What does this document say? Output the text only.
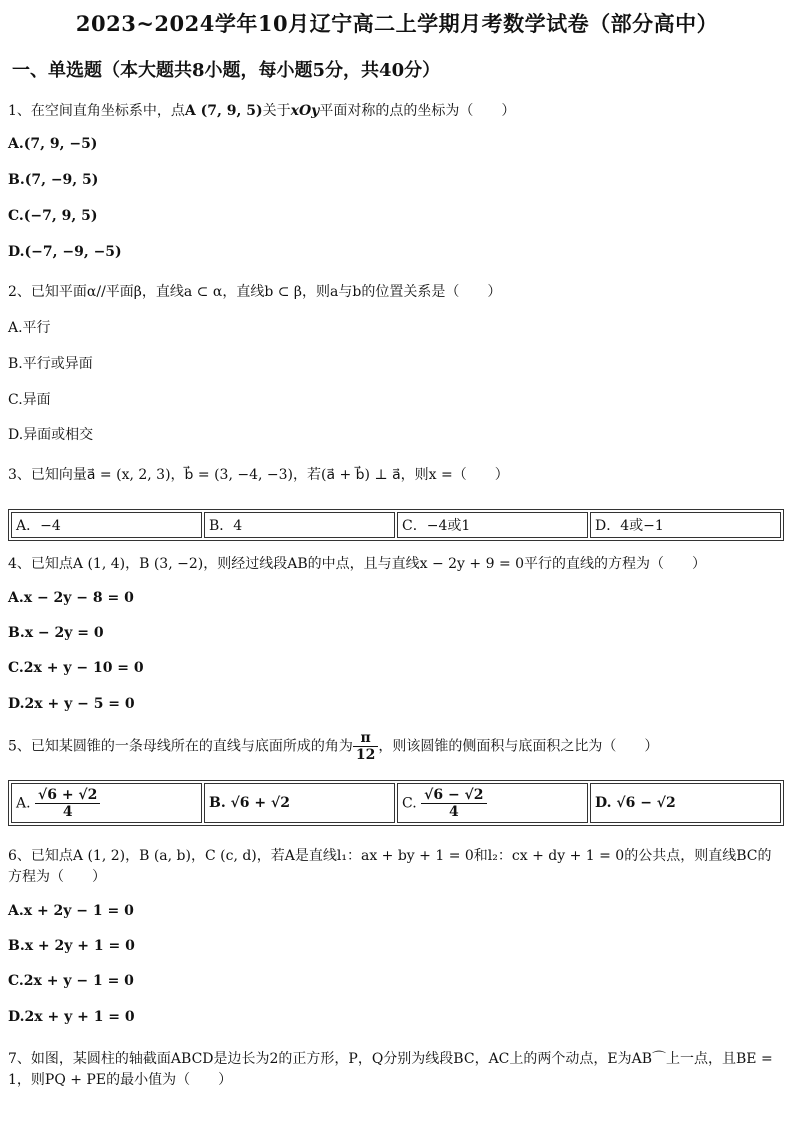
2023~2024学年10月辽宁高二上学期月考数学试卷（部分高中）
一、单选题（本大题共8小题，每小题5分，共40分）
1、在空间直角坐标系中，点A (7, 9, 5)关于xOy平面对称的点的坐标为（　　）
A.(7, 9, −5)
B.(7, −9, 5)
C.(−7, 9, 5)
D.(−7, −9, −5)
2、已知平面α//平面β，直线a ⊂ α，直线b ⊂ β，则a与b的位置关系是（　　）
A.平行
B.平行或异面
C.异面
D.异面或相交
3、已知向量a⃗ = (x, 2, 3)，b⃗ = (3, −4, −3)，若(a⃗ + b⃗) ⊥ a⃗，则x =（　　）
A．−4	B．4	C．−4或1	D．4或−1
4、已知点A (1, 4)，B (3, −2)，则经过线段AB的中点，且与直线x − 2y + 9 = 0平行的直线的方程为（　　）
A.x − 2y − 8 = 0
B.x − 2y = 0
C.2x + y − 10 = 0
D.2x + y − 5 = 0
5、已知某圆锥的一条母线所在的直线与底面所成的角为 $\frac{\pi}{12}$ ，则该圆锥的侧面积与底面积之比为（　　）
A. $\frac{√6 + √2}{4}$	B. √6 + √2	C. $\frac{√6 - √2}{4}$	D. √6 − √2
6、已知点A (1, 2)，B (a, b)，C (c, d)，若A是直线l₁：ax + by + 1 = 0和l₂：cx + dy + 1 = 0的公共点，则直线BC的方程为（　　）
A.x + 2y − 1 = 0
B.x + 2y + 1 = 0
C.2x + y − 1 = 0
D.2x + y + 1 = 0
7、如图，某圆柱的轴截面ABCD是边长为2的正方形，P，Q分别为线段BC，AC上的两个动点，E为AB⌒上一点，且BE = 1，则PQ + PE的最小值为（　　）
